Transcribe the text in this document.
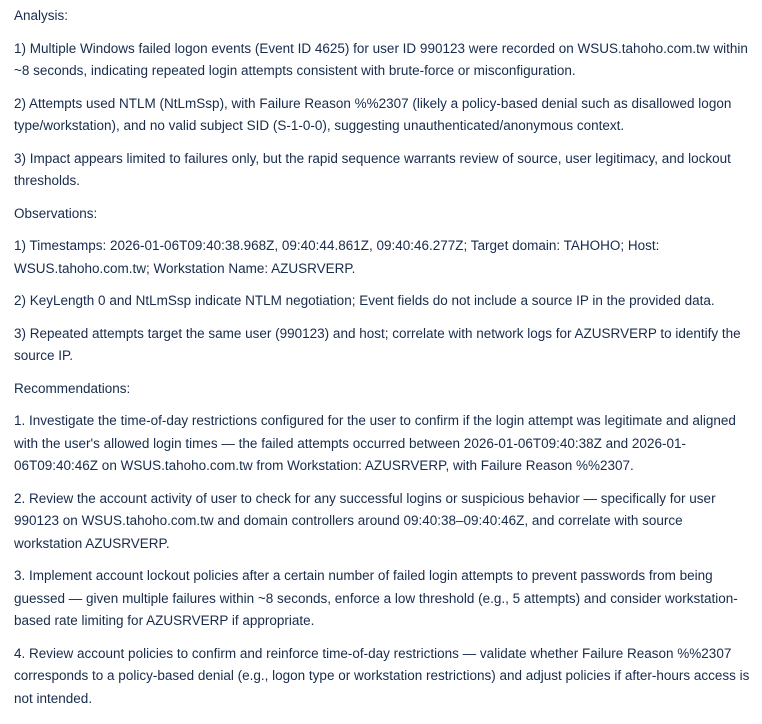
Analysis:

1) Multiple Windows failed logon events (Event ID 4625) for user ID 990123 were recorded on WSUS.tahoho.com.tw within ~8 seconds, indicating repeated login attempts consistent with brute-force or misconfiguration.

2) Attempts used NTLM (NtLmSsp), with Failure Reason %%2307 (likely a policy-based denial such as disallowed logon type/workstation), and no valid subject SID (S-1-0-0), suggesting unauthenticated/anonymous context.

3) Impact appears limited to failures only, but the rapid sequence warrants review of source, user legitimacy, and lockout thresholds.

Observations:

1) Timestamps: 2026-01-06T09:40:38.968Z, 09:40:44.861Z, 09:40:46.277Z; Target domain: TAHOHO; Host: WSUS.tahoho.com.tw; Workstation Name: AZUSRVERP.

2) KeyLength 0 and NtLmSsp indicate NTLM negotiation; Event fields do not include a source IP in the provided data.

3) Repeated attempts target the same user (990123) and host; correlate with network logs for AZUSRVERP to identify the source IP.

Recommendations:

1. Investigate the time-of-day restrictions configured for the user to confirm if the login attempt was legitimate and aligned with the user's allowed login times — the failed attempts occurred between 2026-01-06T09:40:38Z and 2026-01-06T09:40:46Z on WSUS.tahoho.com.tw from Workstation: AZUSRVERP, with Failure Reason %%2307.

2. Review the account activity of user to check for any successful logins or suspicious behavior — specifically for user 990123 on WSUS.tahoho.com.tw and domain controllers around 09:40:38–09:40:46Z, and correlate with source workstation AZUSRVERP.

3. Implement account lockout policies after a certain number of failed login attempts to prevent passwords from being guessed — given multiple failures within ~8 seconds, enforce a low threshold (e.g., 5 attempts) and consider workstation-based rate limiting for AZUSRVERP if appropriate.

4. Review account policies to confirm and reinforce time-of-day restrictions — validate whether Failure Reason %%2307 corresponds to a policy-based denial (e.g., logon type or workstation restrictions) and adjust policies if after-hours access is not intended.
